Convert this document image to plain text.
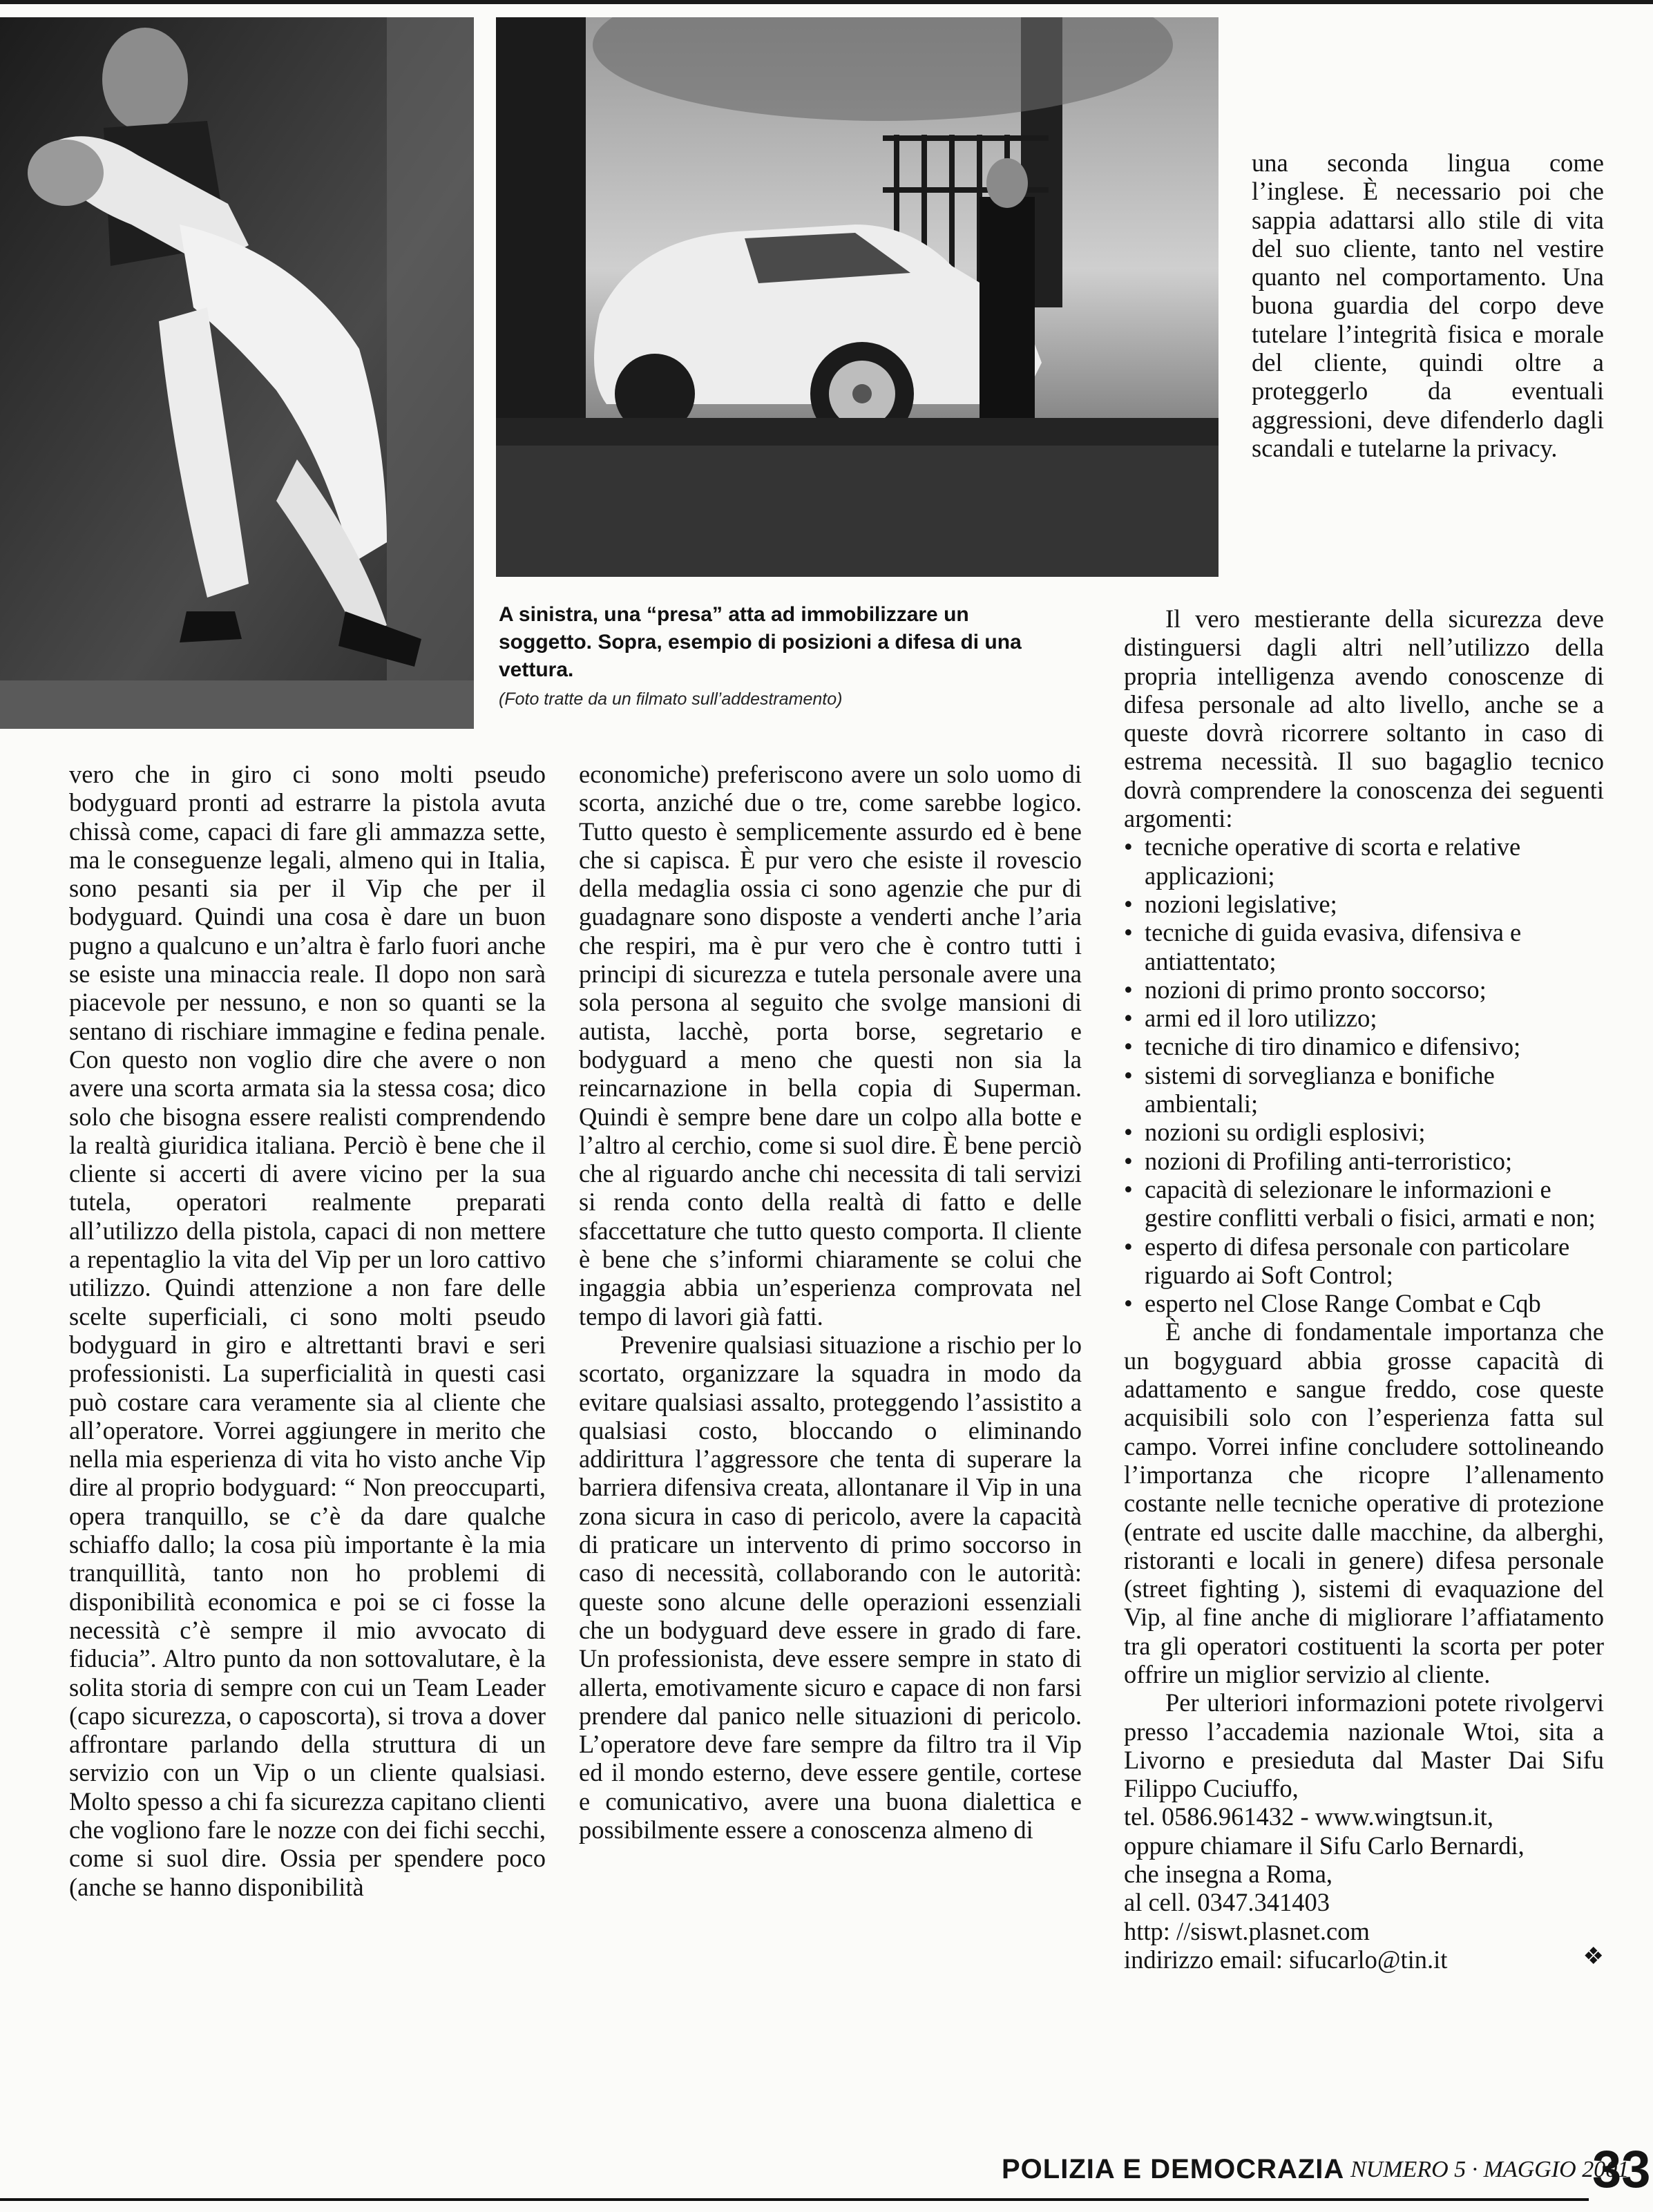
A sinistra, una “presa” atta ad immobilizzare un soggetto. Sopra, esempio di posizioni a difesa di una vettura.
(Foto tratte da un filmato sull’addestramento)

una seconda lingua come l’inglese. È necessario poi che sappia adattarsi allo stile di vita del suo cliente, tanto nel vestire quanto nel comportamento. Una buona guardia del corpo deve tutelare l’integrità fisica e morale del cliente, quindi oltre a proteggerlo da eventuali aggressioni, deve difenderlo dagli scandali e tutelarne la privacy.

vero che in giro ci sono molti pseudo bodyguard pronti ad estrarre la pistola avuta chissà come, capaci di fare gli ammazza sette, ma le conseguenze legali, almeno qui in Italia, sono pesanti sia per il Vip che per il bodyguard. Quindi una cosa è dare un buon pugno a qualcuno e un’altra è farlo fuori anche se esiste una minaccia reale. Il dopo non sarà piacevole per nessuno, e non so quanti se la sentano di rischiare immagine e fedina penale. Con questo non voglio dire che avere o non avere una scorta armata sia la stessa cosa; dico solo che bisogna essere realisti comprendendo la realtà giuridica italiana. Perciò è bene che il cliente si accerti di avere vicino per la sua tutela, operatori realmente preparati all’utilizzo della pistola, capaci di non mettere a repentaglio la vita del Vip per un loro cattivo utilizzo. Quindi attenzione a non fare delle scelte superficiali, ci sono molti pseudo bodyguard in giro e altrettanti bravi e seri professionisti. La superficialità in questi casi può costare cara veramente sia al cliente che all’operatore. Vorrei aggiungere in merito che nella mia esperienza di vita ho visto anche Vip dire al proprio bodyguard: “ Non preoccuparti, opera tranquillo, se c’è da dare qualche schiaffo dallo; la cosa più importante è la mia tranquillità, tanto non ho problemi di disponibilità economica e poi se ci fosse la necessità c’è sempre il mio avvocato di fiducia”. Altro punto da non sottovalutare, è la solita storia di sempre con cui un Team Leader (capo sicurezza, o caposcorta), si trova a dover affrontare parlando della struttura di un servizio con un Vip o un cliente qualsiasi. Molto spesso a chi fa sicurezza capitano clienti che vogliono fare le nozze con dei fichi secchi, come si suol dire. Ossia per spendere poco (anche se hanno disponibilità

economiche) preferiscono avere un solo uomo di scorta, anziché due o tre, come sarebbe logico. Tutto questo è semplicemente assurdo ed è bene che si capisca. È pur vero che esiste il rovescio della medaglia ossia ci sono agenzie che pur di guadagnare sono disposte a venderti anche l’aria che respiri, ma è pur vero che è contro tutti i principi di sicurezza e tutela personale avere una sola persona al seguito che svolge mansioni di autista, lacchè, porta borse, segretario e bodyguard a meno che questi non sia la reincarnazione in bella copia di Superman. Quindi è sempre bene dare un colpo alla botte e l’altro al cerchio, come si suol dire. È bene perciò che al riguardo anche chi necessita di tali servizi si renda conto della realtà di fatto e delle sfaccettature che tutto questo comporta. Il cliente è bene che s’informi chiaramente se colui che ingaggia abbia un’esperienza comprovata nel tempo di lavori già fatti.

Prevenire qualsiasi situazione a rischio per lo scortato, organizzare la squadra in modo da evitare qualsiasi assalto, proteggendo l’assistito a qualsiasi costo, bloccando o eliminando addirittura l’aggressore che tenta di superare la barriera difensiva creata, allontanare il Vip in una zona sicura in caso di pericolo, avere la capacità di praticare un intervento di primo soccorso in caso di necessità, collaborando con le autorità: queste sono alcune delle operazioni essenziali che un bodyguard deve essere in grado di fare. Un professionista, deve essere sempre in stato di allerta, emotivamente sicuro e capace di non farsi prendere dal panico nelle situazioni di pericolo. L’operatore deve fare sempre da filtro tra il Vip ed il mondo esterno, deve essere gentile, cortese e comunicativo, avere una buona dialettica e possibilmente essere a conoscenza almeno di

Il vero mestierante della sicurezza deve distinguersi dagli altri nell’utilizzo della propria intelligenza avendo conoscenze di difesa personale ad alto livello, anche se a queste dovrà ricorrere soltanto in caso di estrema necessità. Il suo bagaglio tecnico dovrà comprendere la conoscenza dei seguenti argomenti:

• tecniche operative di scorta e relative applicazioni;
• nozioni legislative;
• tecniche di guida evasiva, difensiva e antiattentato;
• nozioni di primo pronto soccorso;
• armi ed il loro utilizzo;
• tecniche di tiro dinamico e difensivo;
• sistemi di sorveglianza e bonifiche ambientali;
• nozioni su ordigli esplosivi;
• nozioni di Profiling anti-terroristico;
• capacità di selezionare le informazioni e gestire conflitti verbali o fisici, armati e non;
• esperto di difesa personale con particolare riguardo ai Soft Control;
• esperto nel Close Range Combat e Cqb

È anche di fondamentale importanza che un bogyguard abbia grosse capacità di adattamento e sangue freddo, cose queste acquisibili solo con l’esperienza fatta sul campo. Vorrei infine concludere sottolineando l’importanza che ricopre l’allenamento costante nelle tecniche operative di protezione (entrate ed uscite dalle macchine, da alberghi, ristoranti e locali in genere) difesa personale (street fighting ), sistemi di evaquazione del Vip, al fine anche di migliorare l’affiatamento tra gli operatori costituenti la scorta per poter offrire un miglior servizio al cliente.

Per ulteriori informazioni potete rivolgervi presso l’accademia nazionale Wtoi, sita a Livorno e presieduta dal Master Dai Sifu Filippo Cuciuffo,

tel. 0586.961432 - www.wingtsun.it,
oppure chiamare il Sifu Carlo Bernardi,
che insegna a Roma,
al cell. 0347.341403
http: //siswt.plasnet.com
indirizzo email: sifucarlo@tin.it	❖
POLIZIA E DEMOCRAZIA NUMERO 5 · MAGGIO 2001
33
